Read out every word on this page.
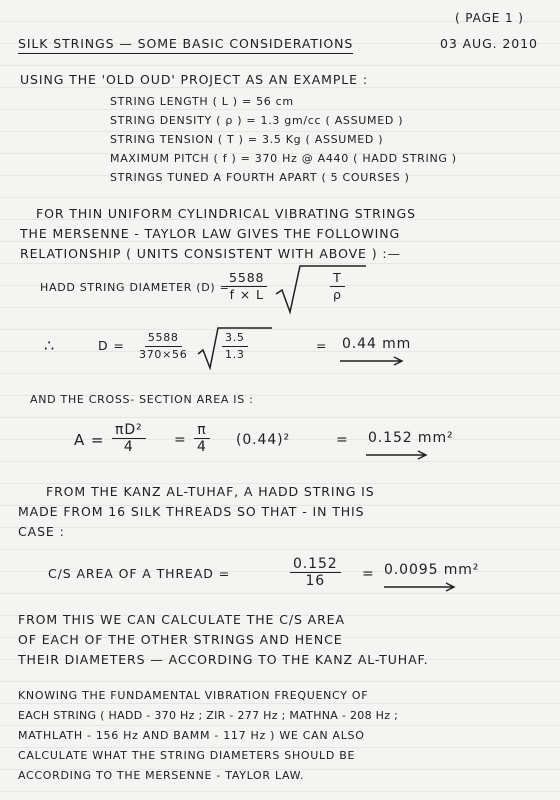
( PAGE 1 )
SILK STRINGS — SOME BASIC CONSIDERATIONS	03 AUG. 2010
USING THE 'OLD OUD' PROJECT AS AN EXAMPLE :
STRING LENGTH ( L ) = 56 cm
STRING DENSITY ( ρ ) = 1.3 gm/cc ( ASSUMED )
STRING TENSION ( T ) = 3.5 Kg ( ASSUMED )
MAXIMUM PITCH ( f ) = 370 Hz @ A440 ( HADD STRING )
STRINGS TUNED A FOURTH APART ( 5 COURSES )
FOR THIN UNIFORM CYLINDRICAL VIBRATING STRINGS
THE MERSENNE - TAYLOR LAW GIVES THE FOLLOWING
RELATIONSHIP ( UNITS CONSISTENT WITH ABOVE ) :—
HADD STRING DIAMETER (D) =
$\frac{5588}{f \times L}$	$\frac{T}{\rho}$
∴	$D = \frac{5588}{370\times 56}$	$\frac{3.5}{1.3}$	= 0.44 mm
AND THE CROSS- SECTION AREA IS :
$A = \frac{\text{πD²}}{4} = \frac{\pi}{4} (0.44)^2$	= 0.152 mm²
FROM THE KANZ AL-TUHAF, A HADD STRING IS
MADE FROM 16 SILK THREADS SO THAT - IN THIS
CASE :
C/S AREA OF A THREAD =	$\frac{0.152}{16} = 0.0095$ mm²
FROM THIS WE CAN CALCULATE THE C/S AREA
OF EACH OF THE OTHER STRINGS AND HENCE
THEIR DIAMETERS — ACCORDING TO THE KANZ AL-TUHAF.
KNOWING THE FUNDAMENTAL VIBRATION FREQUENCY OF
EACH STRING ( HADD - 370 Hz ; ZIR - 277 Hz ; MATHNA - 208 Hz ;
MATHLATH - 156 Hz AND BAMM - 117 Hz ) WE CAN ALSO
CALCULATE WHAT THE STRING DIAMETERS SHOULD BE
ACCORDING TO THE MERSENNE - TAYLOR LAW.
